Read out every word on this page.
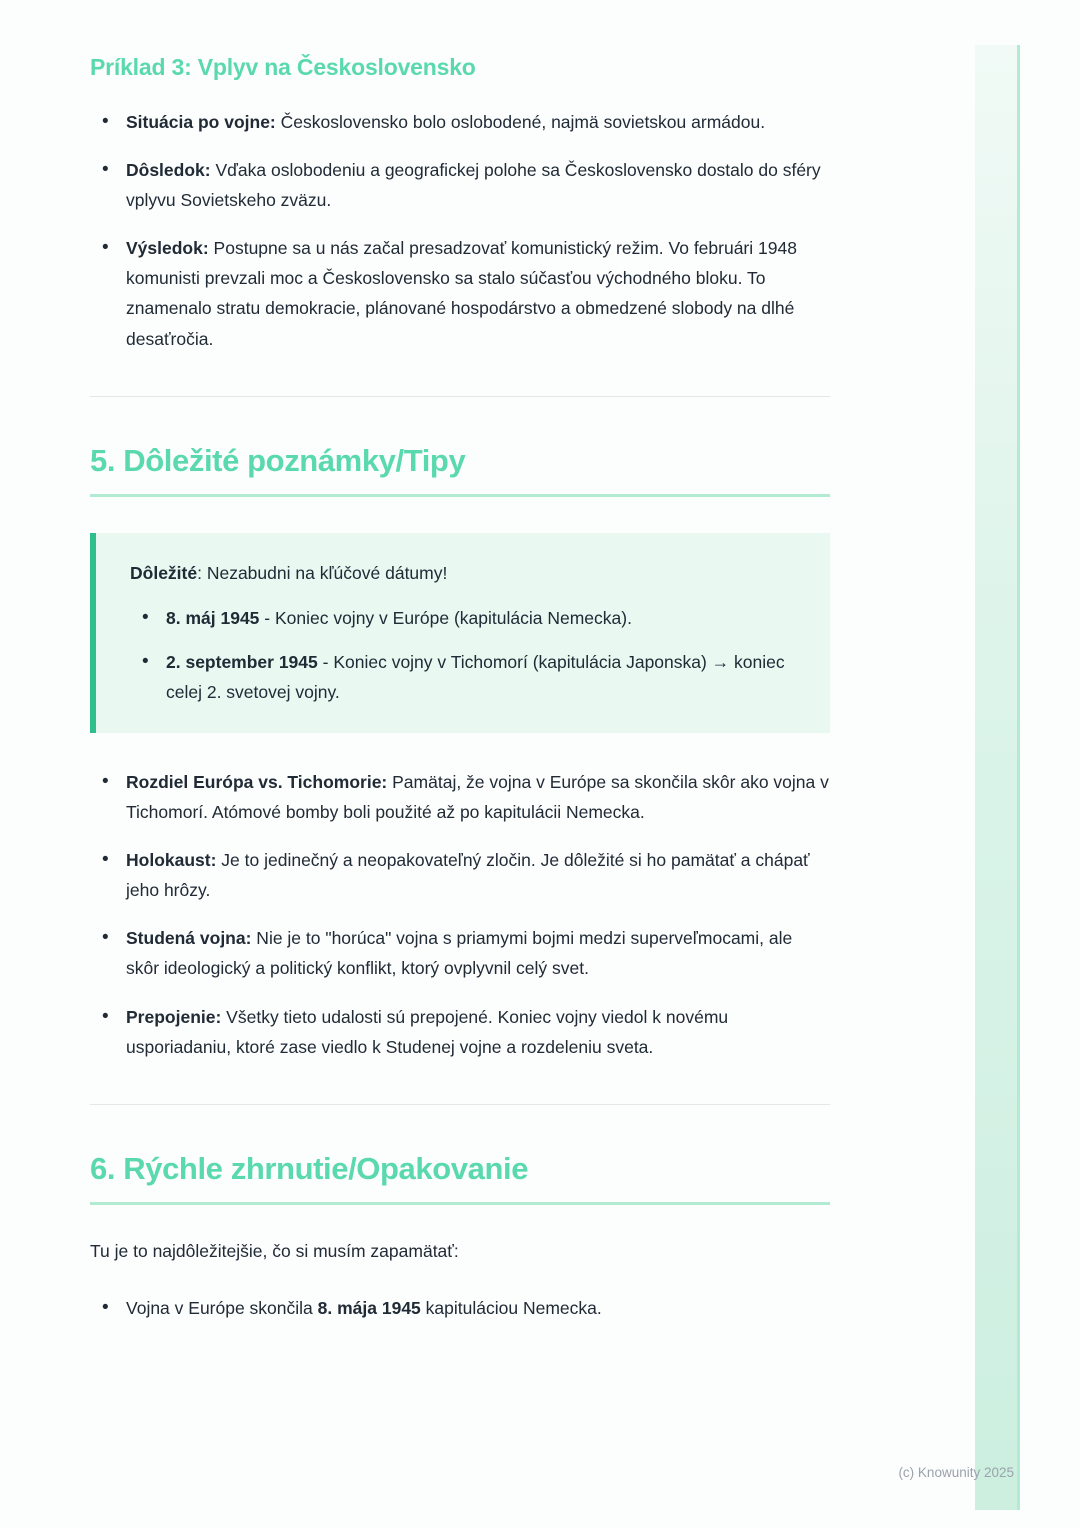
Príklad 3: Vplyv na Československo
• Situácia po vojne: Československo bolo oslobodené, najmä sovietskou armádou.
• Dôsledok: Vďaka oslobodeniu a geografickej polohe sa Československo dostalo do sféry vplyvu Sovietskeho zväzu.
• Výsledok: Postupne sa u nás začal presadzovať komunistický režim. Vo februári 1948 komunisti prevzali moc a Československo sa stalo súčasťou východného bloku. To znamenalo stratu demokracie, plánované hospodárstvo a obmedzené slobody na dlhé desaťročia.
5. Dôležité poznámky/Tipy

Dôležité: Nezabudni na kľúčové dátumy!

• 8. máj 1945 - Koniec vojny v Európe (kapitulácia Nemecka).
• 2. september 1945 - Koniec vojny v Tichomorí (kapitulácia Japonska) → koniec celej 2. svetovej vojny.
• Rozdiel Európa vs. Tichomorie: Pamätaj, že vojna v Európe sa skončila skôr ako vojna v Tichomorí. Atómové bomby boli použité až po kapitulácii Nemecka.
• Holokaust: Je to jedinečný a neopakovateľný zločin. Je dôležité si ho pamätať a chápať jeho hrôzy.
• Studená vojna: Nie je to "horúca" vojna s priamymi bojmi medzi superveľmocami, ale skôr ideologický a politický konflikt, ktorý ovplyvnil celý svet.
• Prepojenie: Všetky tieto udalosti sú prepojené. Koniec vojny viedol k novému usporiadaniu, ktoré zase viedlo k Studenej vojne a rozdeleniu sveta.
6. Rýchle zhrnutie/Opakovanie

Tu je to najdôležitejšie, čo si musím zapamätať:

• Vojna v Európe skončila 8. mája 1945 kapituláciou Nemecka.
(c) Knowunity 2025
